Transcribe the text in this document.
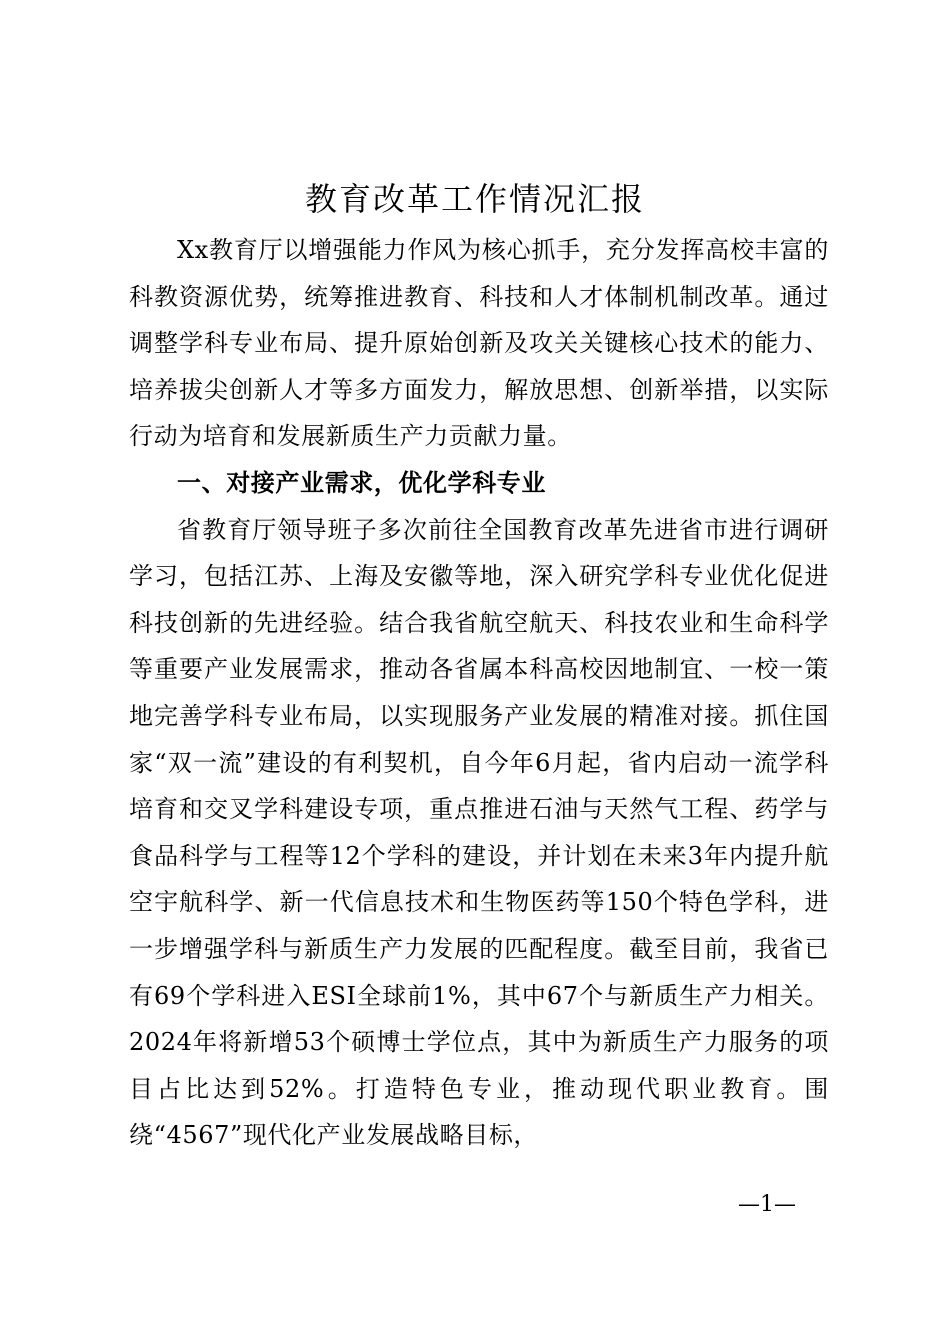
教育改革工作情况汇报

Xx教育厅以增强能力作风为核心抓手，充分发挥高校丰富的科教资源优势，统筹推进教育、科技和人才体制机制改革。通过调整学科专业布局、提升原始创新及攻关关键核心技术的能力、培养拔尖创新人才等多方面发力，解放思想、创新举措，以实际行动为培育和发展新质生产力贡献力量。

一、对接产业需求，优化学科专业

省教育厅领导班子多次前往全国教育改革先进省市进行调研学习，包括江苏、上海及安徽等地，深入研究学科专业优化促进科技创新的先进经验。结合我省航空航天、科技农业和生命科学等重要产业发展需求，推动各省属本科高校因地制宜、一校一策地完善学科专业布局，以实现服务产业发展的精准对接。抓住国家“双一流”建设的有利契机，自今年6月起，省内启动一流学科培育和交叉学科建设专项，重点推进石油与天然气工程、药学与食品科学与工程等12个学科的建设，并计划在未来3年内提升航空宇航科学、新一代信息技术和生物医药等150个特色学科，进一步增强学科与新质生产力发展的匹配程度。截至目前，我省已有69个学科进入ESI全球前1%，其中67个与新质生产力相关。2024年将新增53个硕博士学位点，其中为新质生产力服务的项目占比达到52%。打造特色专业，推动现代职业教育。围绕“4567”现代化产业发展战略目标，

—1—
